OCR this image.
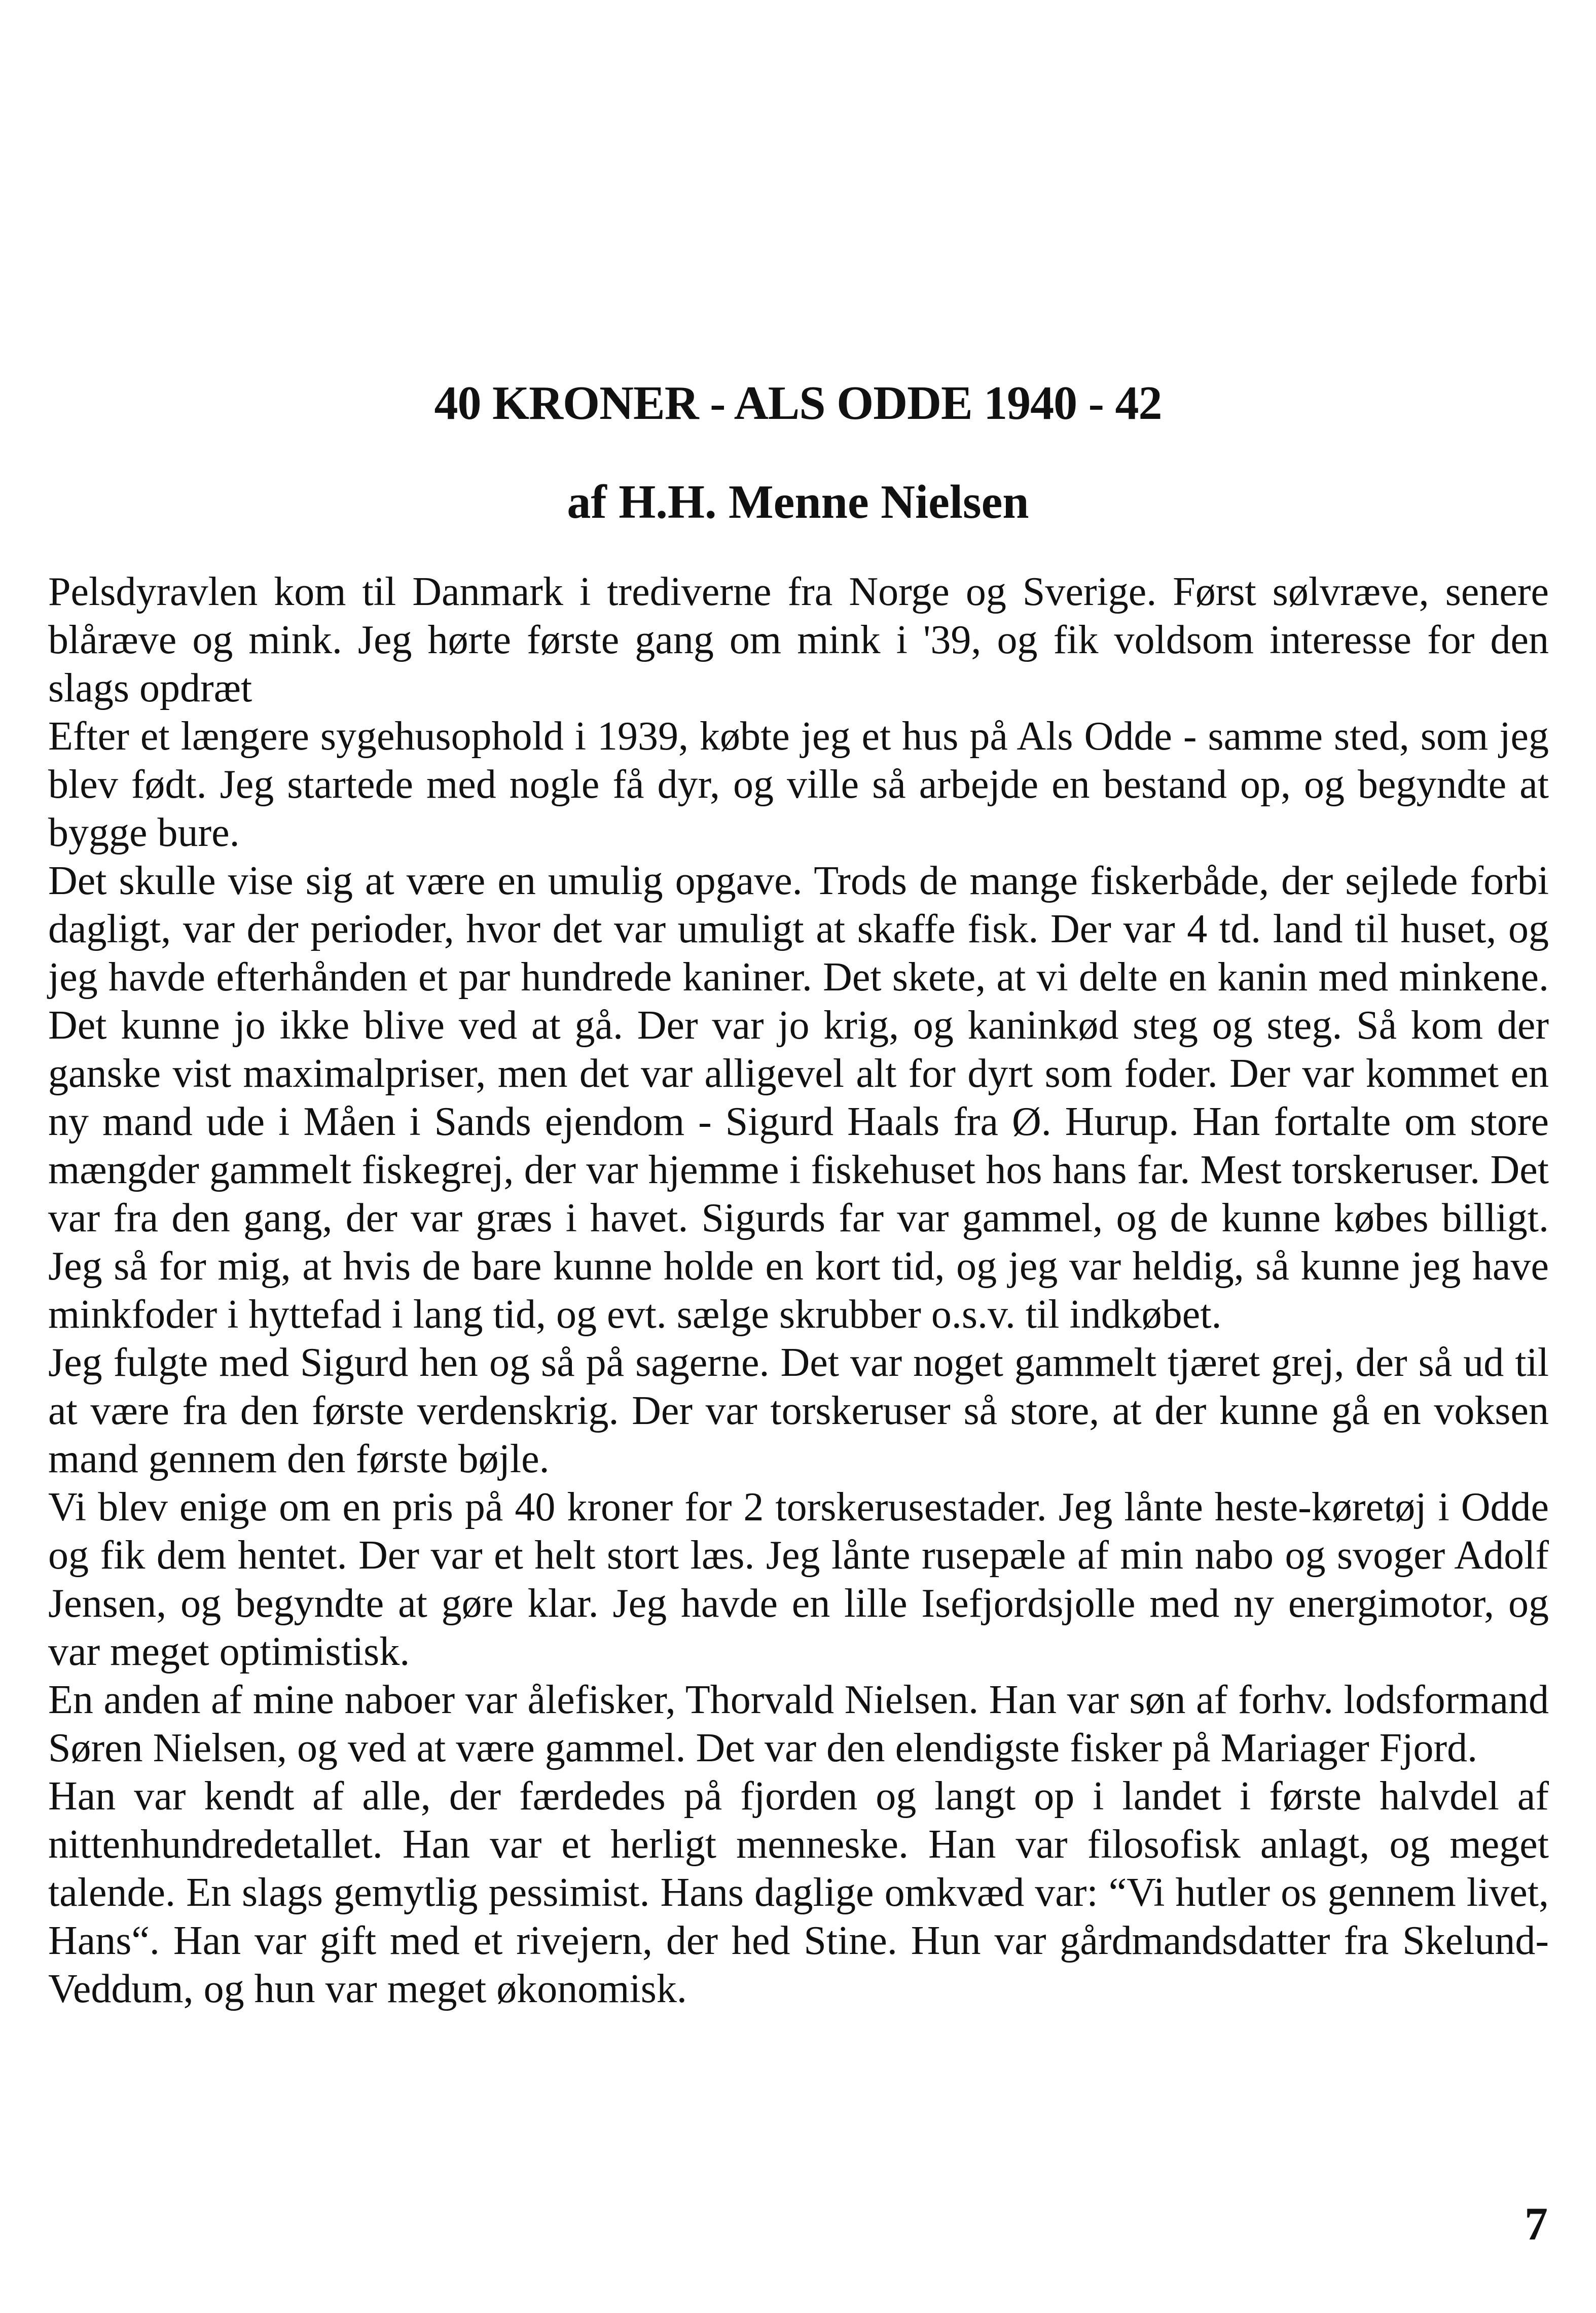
40 KRONER - ALS ODDE 1940 - 42
af H.H. Menne Nielsen

Pelsdyravlen kom til Danmark i trediverne fra Norge og Sverige. Først sølvræve, senere blåræve og mink. Jeg hørte første gang om mink i '39, og fik voldsom interesse for den slags opdræt

Efter et længere sygehusophold i 1939, købte jeg et hus på Als Odde - samme sted, som jeg blev født. Jeg startede med nogle få dyr, og ville så arbejde en bestand op, og begyndte at bygge bure.

Det skulle vise sig at være en umulig opgave. Trods de mange fiskerbåde, der sejlede forbi dagligt, var der perioder, hvor det var umuligt at skaffe fisk. Der var 4 td. land til huset, og jeg havde efterhånden et par hundrede kaniner. Det skete, at vi delte en kanin med minkene. Det kunne jo ikke blive ved at gå. Der var jo krig, og kaninkød steg og steg. Så kom der ganske vist maximalpriser, men det var alligevel alt for dyrt som foder. Der var kommet en ny mand ude i Måen i Sands ejendom - Sigurd Haals fra Ø. Hurup. Han fortalte om store mængder gammelt fiskegrej, der var hjemme i fiskehuset hos hans far. Mest torskeruser. Det var fra den gang, der var græs i havet. Sigurds far var gammel, og de kunne købes billigt. Jeg så for mig, at hvis de bare kunne holde en kort tid, og jeg var heldig, så kunne jeg have minkfoder i hyttefad i lang tid, og evt. sælge skrubber o.s.v. til indkøbet.

Jeg fulgte med Sigurd hen og så på sagerne. Det var noget gammelt tjæret grej, der så ud til at være fra den første verdenskrig. Der var torskeruser så store, at der kunne gå en voksen mand gennem den første bøjle.

Vi blev enige om en pris på 40 kroner for 2 torskerusestader. Jeg lånte heste-køretøj i Odde og fik dem hentet. Der var et helt stort læs. Jeg lånte rusepæle af min nabo og svoger Adolf Jensen, og begyndte at gøre klar. Jeg havde en lille Isefjordsjolle med ny energimotor, og var meget optimistisk.

En anden af mine naboer var ålefisker, Thorvald Nielsen. Han var søn af forhv. lodsformand Søren Nielsen, og ved at være gammel. Det var den elendigste fisker på Mariager Fjord.

Han var kendt af alle, der færdedes på fjorden og langt op i landet i første halvdel af nittenhundredetallet. Han var et herligt menneske. Han var filosofisk anlagt, og meget talende. En slags gemytlig pessimist. Hans daglige omkvæd var: “Vi hutler os gennem livet, Hans“. Han var gift med et rivejern, der hed Stine. Hun var gårdmandsdatter fra Skelund-Veddum, og hun var meget økonomisk.

7
